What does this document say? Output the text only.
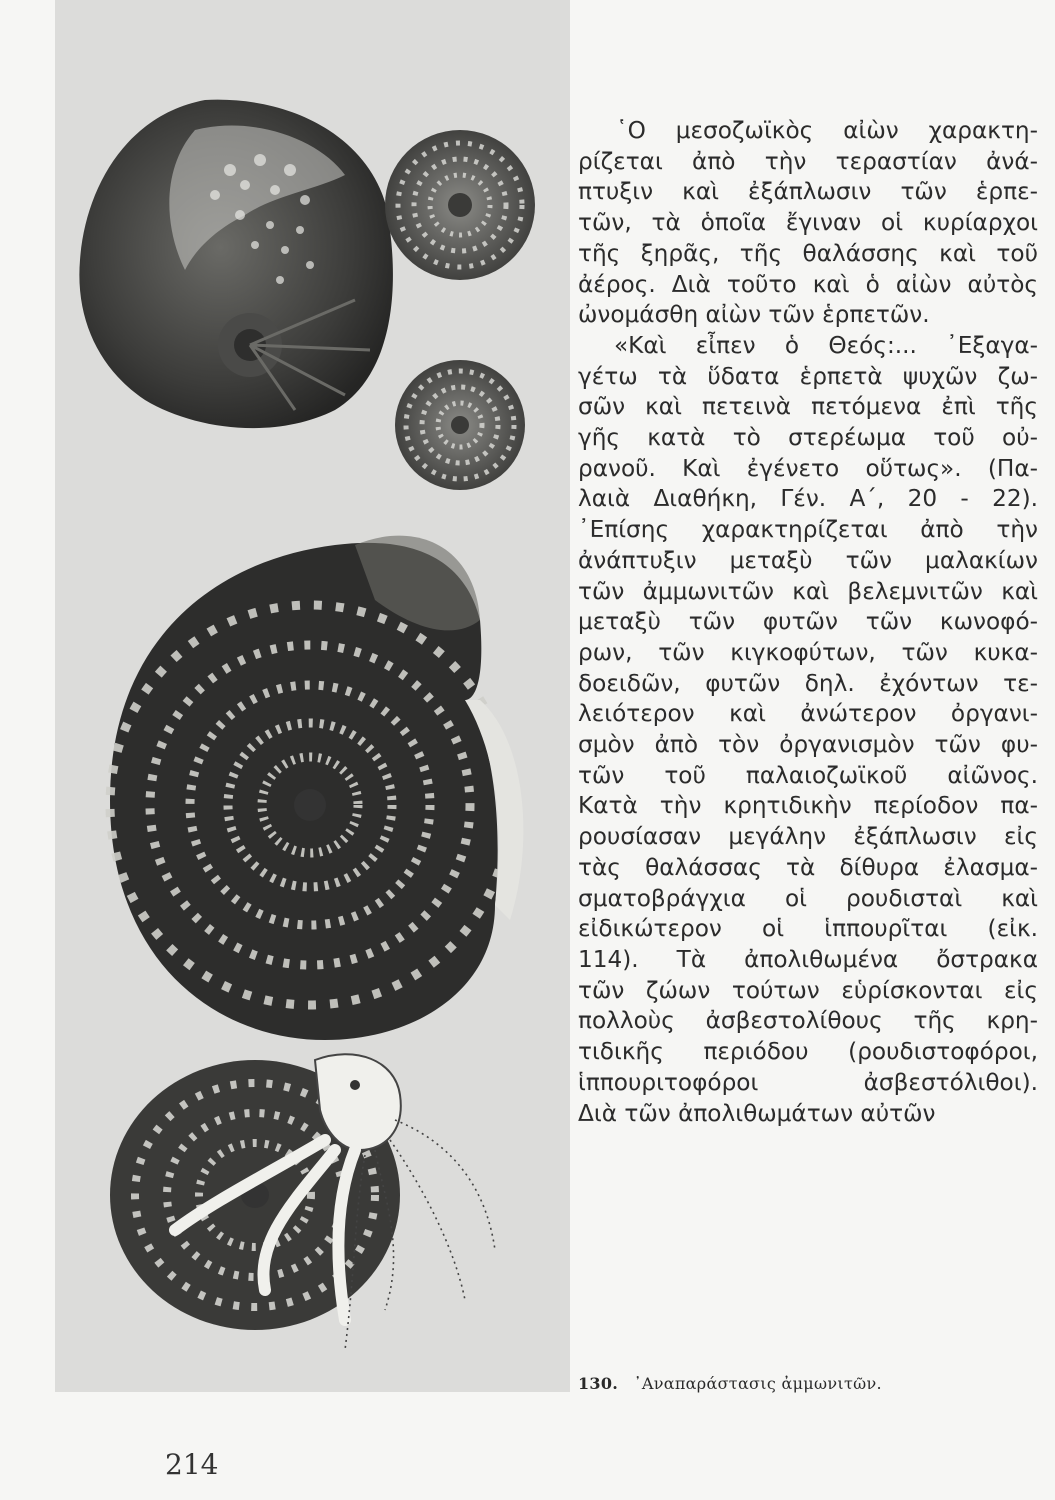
῾Ο μεσοζωϊκὸς αἰὼν χαρακτη-
ρίζεται ἀπὸ τὴν τεραστίαν ἀνά-
πτυξιν καὶ ἐξάπλωσιν τῶν ἑρπε-
τῶν, τὰ ὁποῖα ἔγιναν οἱ κυρίαρχοι
τῆς ξηρᾶς, τῆς θαλάσσης καὶ τοῦ
ἀέρος. Διὰ τοῦτο καὶ ὁ αἰὼν αὐτὸς
ὠνομάσθη αἰὼν τῶν ἑρπετῶν.
«Καὶ εἶπεν ὁ Θεός:... ᾿Εξαγα-
γέτω τὰ ὕδατα ἑρπετὰ ψυχῶν ζω-
σῶν καὶ πετεινὰ πετόμενα ἐπὶ τῆς
γῆς κατὰ τὸ στερέωμα τοῦ οὐ-
ρανοῦ. Καὶ ἐγένετο οὕτως». (Πα-
λαιὰ Διαθήκη, Γέν. Α΄, 20 - 22).
᾿Επίσης χαρακτηρίζεται ἀπὸ τὴν
ἀνάπτυξιν μεταξὺ τῶν μαλακίων
τῶν ἀμμωνιτῶν καὶ βελεμνιτῶν καὶ
μεταξὺ τῶν φυτῶν τῶν κωνοφό-
ρων, τῶν κιγκοφύτων, τῶν κυκα-
δοειδῶν, φυτῶν δηλ. ἐχόντων τε-
λειότερον καὶ ἀνώτερον ὀργανι-
σμὸν ἀπὸ τὸν ὀργανισμὸν τῶν φυ-
τῶν τοῦ παλαιοζωϊκοῦ αἰῶνος.
Κατὰ τὴν κρητιδικὴν περίοδον πα-
ρουσίασαν μεγάλην ἐξάπλωσιν εἰς
τὰς θαλάσσας τὰ δίθυρα ἐλασμα-
σματοβράγχια οἱ ρουδισταὶ καὶ
εἰδικώτερον οἱ ἱππουρῖται (εἰκ.
114). Τὰ ἀπολιθωμένα ὄστρακα
τῶν ζώων τούτων εὑρίσκονται εἰς
πολλοὺς ἀσβεστολίθους τῆς κρη-
τιδικῆς περιόδου (ρουδιστοφόροι,
ἱππουριτοφόροι ἀσβεστόλιθοι).
Διὰ τῶν ἀπολιθωμάτων αὐτῶν
130. ᾿Αναπαράστασις ἀμμωνιτῶν.
214
